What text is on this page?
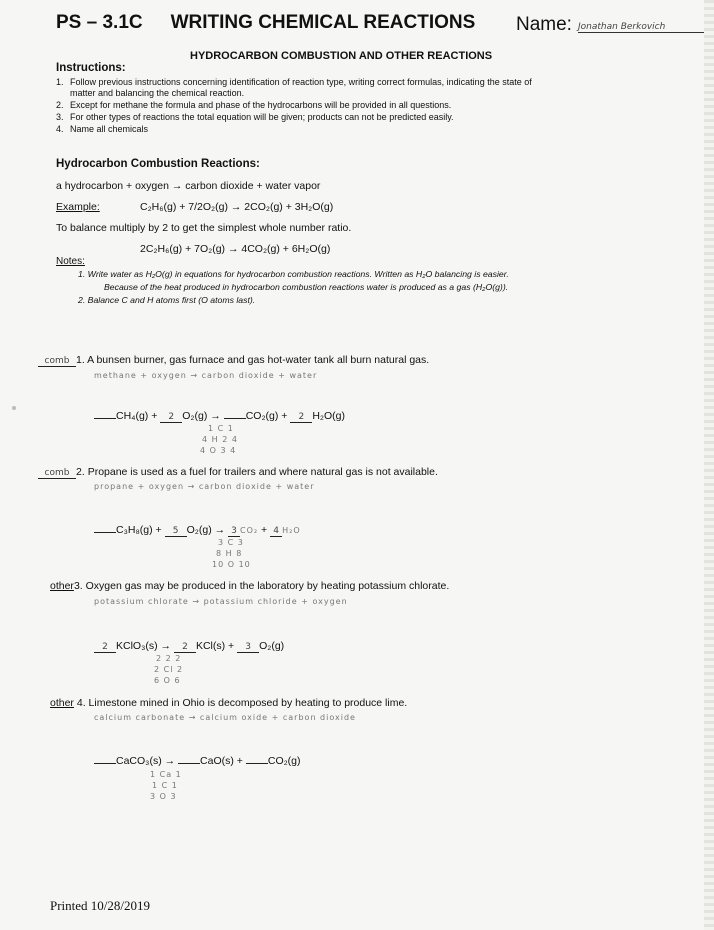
PS – 3.1C WRITING CHEMICAL REACTIONS Name: Jonathan Berkovich
HYDROCARBON COMBUSTION AND OTHER REACTIONS
Instructions:
1. Follow previous instructions concerning identification of reaction type, writing correct formulas, indicating the state of
matter and balancing the chemical reaction.
2. Except for methane the formula and phase of the hydrocarbons will be provided in all questions.
3. For other types of reactions the total equation will be given; products can not be predicted easily.
4. Name all chemicals
Hydrocarbon Combustion Reactions:
a hydrocarbon + oxygen → carbon dioxide + water vapor
Example:	C₂H₆(g) + 7/2O₂(g) → 2CO₂(g) + 3H₂O(g)
To balance multiply by 2 to get the simplest whole number ratio.
2C₂H₆(g) + 7O₂(g) → 4CO₂(g) + 6H₂O(g)
Notes:
1. Write water as H₂O(g) in equations for hydrocarbon combustion reactions. Written as H₂O balancing is easier.
Because of the heat produced in hydrocarbon combustion reactions water is produced as a gas (H₂O(g)).
2. Balance C and H atoms first (O atoms last).
comb 1. A bunsen burner, gas furnace and gas hot-water tank all burn natural gas.
methane + oxygen → carbon dioxide + water
CH₄(g) + 2 O₂(g) → CO₂(g) + 2 H₂O(g)
1 C 1
4 H 2 4
4 O 3 4
comb 2. Propane is used as a fuel for trailers and where natural gas is not available.
propane + oxygen → carbon dioxide + water
C₃H₈(g) + 5 O₂(g) → 3 CO₂ + 4 H₂O
3 C 3
8 H 8
10 O 10
other3. Oxygen gas may be produced in the laboratory by heating potassium chlorate.
potassium chlorate → potassium chloride + oxygen
2 KClO₃(s) → 2 KCl(s) + 3 O₂(g)
2 2 2
2 Cl 2
6 O 6
other 4. Limestone mined in Ohio is decomposed by heating to produce lime.
calcium carbonate → calcium oxide + carbon dioxide
CaCO₃(s) → CaO(s) + CO₂(g)
1 Ca 1
1 C 1
3 O 3
Printed 10/28/2019
